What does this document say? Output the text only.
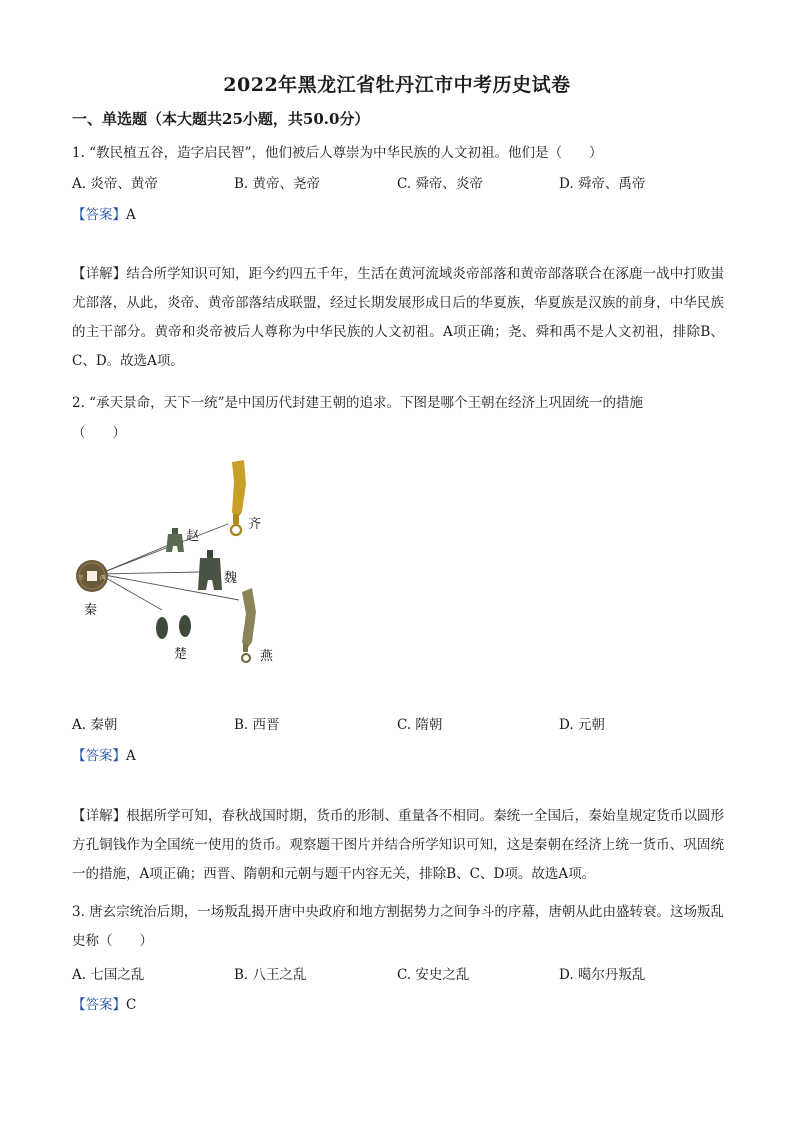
2022年黑龙江省牡丹江市中考历史试卷
一、单选题（本大题共25小题，共50.0分）
1. “教民植五谷，造字启民智”，他们被后人尊崇为中华民族的人文初祖。他们是（　　）
A. 炎帝、黄帝	B. 黄帝、尧帝	C. 舜帝、炎帝	D. 舜帝、禹帝
【答案】A
【详解】结合所学知识可知，距今约四五千年，生活在黄河流域炎帝部落和黄帝部落联合在涿鹿一战中打败蚩尤部落，从此，炎帝、黄帝部落结成联盟，经过长期发展形成日后的华夏族，华夏族是汉族的前身，中华民族的主干部分。黄帝和炎帝被后人尊称为中华民族的人文初祖。A项正确；尧、舜和禹不是人文初祖，排除B、C、D。故选A项。
2. “承天景命，天下一统”是中国历代封建王朝的追求。下图是哪个王朝在经济上巩固统一的措施
（　　）
半	两
秦
赵
魏
齐
楚	燕
A. 秦朝	B. 西晋	C. 隋朝	D. 元朝
【答案】A
【详解】根据所学可知，春秋战国时期，货币的形制、重量各不相同。秦统一全国后，秦始皇规定货币以圆形方孔铜钱作为全国统一使用的货币。观察题干图片并结合所学知识可知，这是秦朝在经济上统一货币、巩固统一的措施，A项正确；西晋、隋朝和元朝与题干内容无关，排除B、C、D项。故选A项。
3. 唐玄宗统治后期，一场叛乱揭开唐中央政府和地方割据势力之间争斗的序幕，唐朝从此由盛转衰。这场叛乱史称（　　）
A. 七国之乱	B. 八王之乱	C. 安史之乱	D. 噶尔丹叛乱
【答案】C
